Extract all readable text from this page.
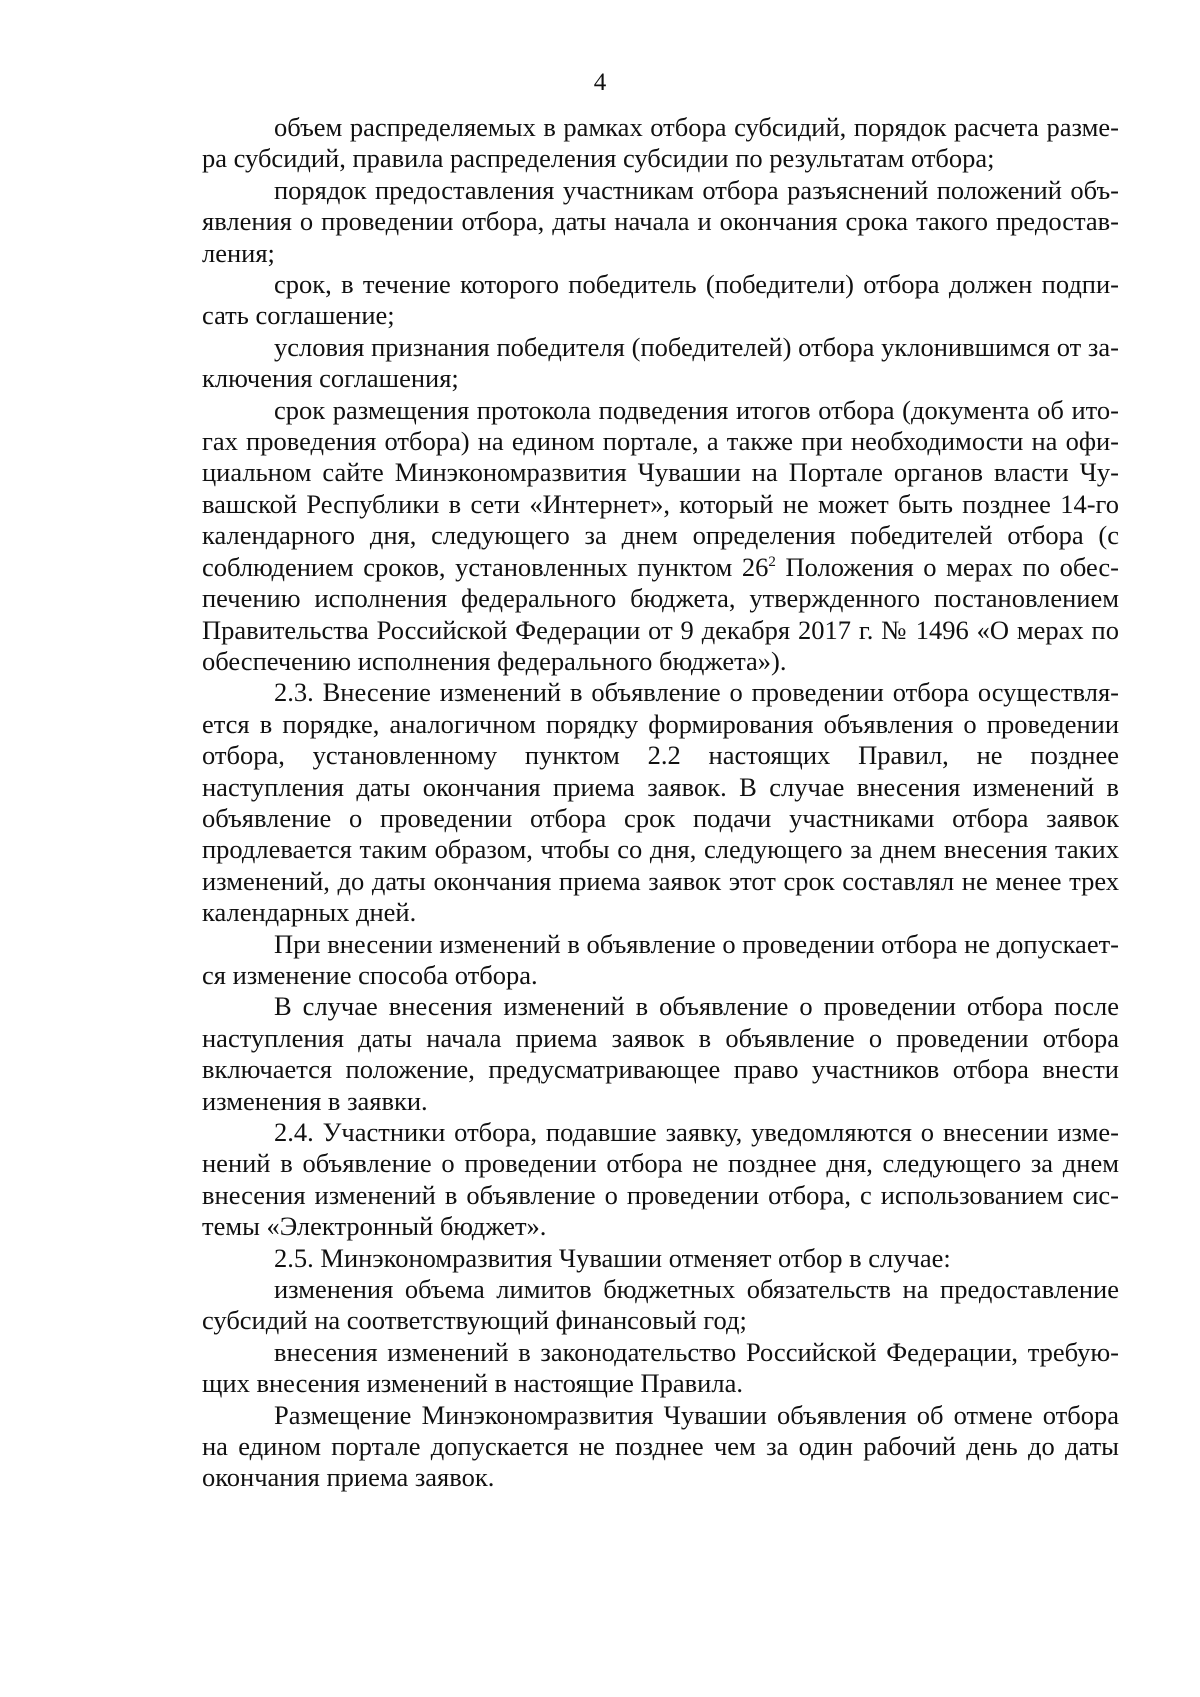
4

объем распределяемых в рамках отбора субсидий, порядок расчета размера субсидий, правила распределения субсидии по результатам отбора;

порядок предоставления участникам отбора разъяснений положений объявления о проведении отбора, даты начала и окончания срока такого предоставления;

срок, в течение которого победитель (победители) отбора должен подписать соглашение;

условия признания победителя (победителей) отбора уклонившимся от заключения соглашения;

срок размещения протокола подведения итогов отбора (документа об итогах проведения отбора) на едином портале, а также при необходимости на официальном сайте Минэкономразвития Чувашии на Портале органов власти Чувашской Республики в сети «Интернет», который не может быть позднее 14-го календарного дня, следующего за днем определения победителей отбора (с соблюдением сроков, установленных пунктом $26^2$ Положения о мерах по обеспечению исполнения федерального бюджета, утвержденного постановлением Правительства Российской Федерации от 9 декабря 2017 г. № 1496 «О мерах по обеспечению исполнения федерального бюджета»).

2.3. Внесение изменений в объявление о проведении отбора осуществляется в порядке, аналогичном порядку формирования объявления о проведении отбора, установленному пунктом 2.2 настоящих Правил, не позднее наступления даты окончания приема заявок. В случае внесения изменений в объявление о проведении отбора срок подачи участниками отбора заявок продлевается таким образом, чтобы со дня, следующего за днем внесения таких изменений, до даты окончания приема заявок этот срок составлял не менее трех календарных дней.

При внесении изменений в объявление о проведении отбора не допускается изменение способа отбора.

В случае внесения изменений в объявление о проведении отбора после наступления даты начала приема заявок в объявление о проведении отбора включается положение, предусматривающее право участников отбора внести изменения в заявки.

2.4. Участники отбора, подавшие заявку, уведомляются о внесении изменений в объявление о проведении отбора не позднее дня, следующего за днем внесения изменений в объявление о проведении отбора, с использованием системы «Электронный бюджет».

2.5. Минэкономразвития Чувашии отменяет отбор в случае:

изменения объема лимитов бюджетных обязательств на предоставление субсидий на соответствующий финансовый год;

внесения изменений в законодательство Российской Федерации, требующих внесения изменений в настоящие Правила.

Размещение Минэкономразвития Чувашии объявления об отмене отбора на едином портале допускается не позднее чем за один рабочий день до даты окончания приема заявок.
